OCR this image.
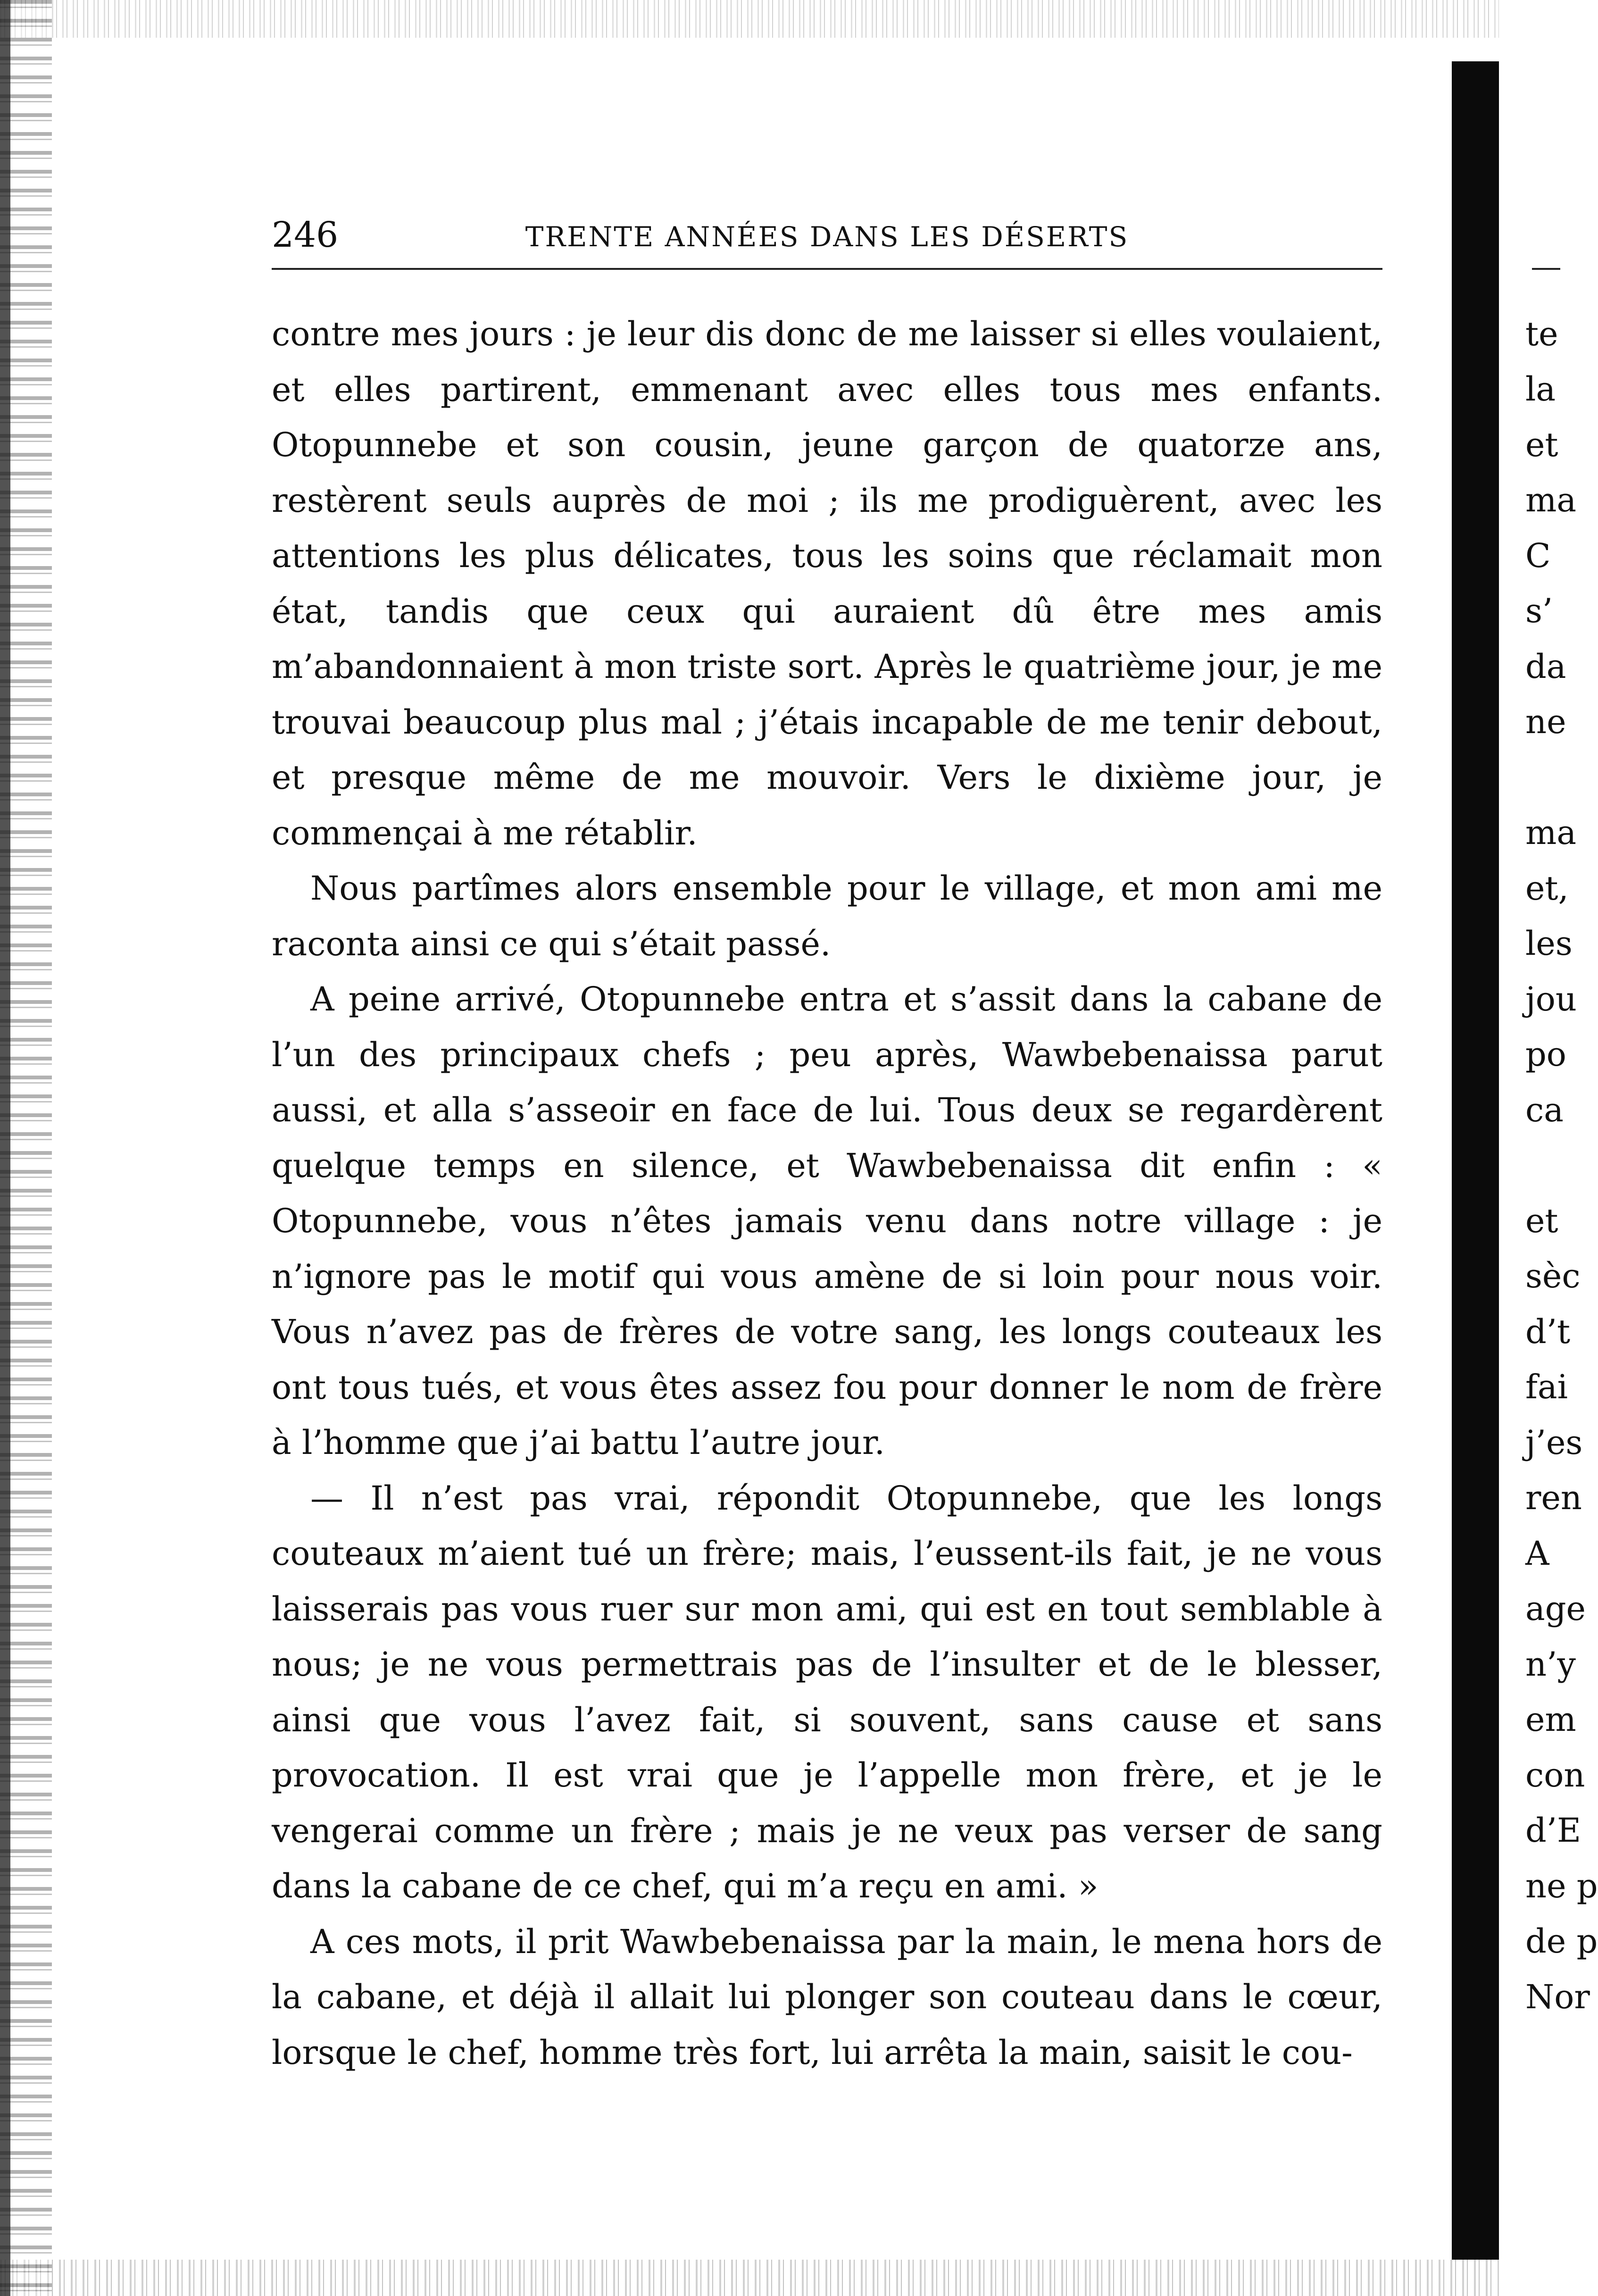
246	TRENTE ANNÉES DANS LES DÉSERTS

contre mes jours : je leur dis donc de me laisser si elles voulaient, et elles partirent, emmenant avec elles tous mes enfants. Otopunnebe et son cousin, jeune garçon de quatorze ans, restèrent seuls auprès de moi ; ils me prodiguèrent, avec les attentions les plus délicates, tous les soins que réclamait mon état, tandis que ceux qui auraient dû être mes amis m’abandonnaient à mon triste sort. Après le quatrième jour, je me trouvai beaucoup plus mal ; j’étais incapable de me tenir debout, et presque même de me mouvoir. Vers le dixième jour, je commençai à me rétablir.

Nous partîmes alors ensemble pour le village, et mon ami me raconta ainsi ce qui s’était passé.

A peine arrivé, Otopunnebe entra et s’assit dans la cabane de l’un des principaux chefs ; peu après, Wawbebenaissa parut aussi, et alla s’asseoir en face de lui. Tous deux se regardèrent quelque temps en silence, et Wawbebenaissa dit enfin : « Otopunnebe, vous n’êtes jamais venu dans notre village : je n’ignore pas le motif qui vous amène de si loin pour nous voir. Vous n’avez pas de frères de votre sang, les longs couteaux les ont tous tués, et vous êtes assez fou pour donner le nom de frère à l’homme que j’ai battu l’autre jour.

— Il n’est pas vrai, répondit Otopunnebe, que les longs couteaux m’aient tué un frère; mais, l’eussent-ils fait, je ne vous laisserais pas vous ruer sur mon ami, qui est en tout semblable à nous; je ne vous permettrais pas de l’insulter et de le blesser, ainsi que vous l’avez fait, si souvent, sans cause et sans provocation. Il est vrai que je l’appelle mon frère, et je le vengerai comme un frère ; mais je ne veux pas verser de sang dans la cabane de ce chef, qui m’a reçu en ami. »

A ces mots, il prit Wawbebenaissa par la main, le mena hors de la cabane, et déjà il allait lui plonger son couteau dans le cœur, lorsque le chef, homme très fort, lui arrêta la main, saisit le cou-

te
la
et
ma
C
s’
da
ne
ma
et,
les
jou
po
ca
et
sèc
d’t
fai
j’es
ren
A
age
n’y
em
con
d’E
ne p
de p
Nor
